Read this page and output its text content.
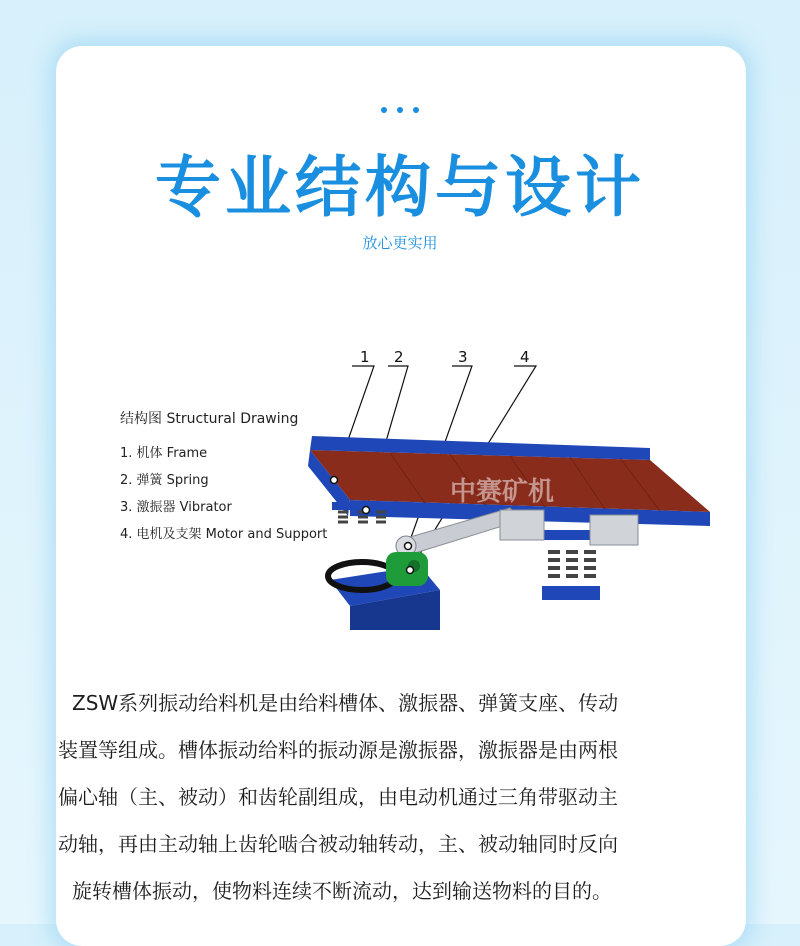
专业结构与设计
放心更实用
结构图 Structural Drawing
1. 机体 Frame
2. 弹簧 Spring
3. 激振器 Vibrator
4. 电机及支架 Motor and Support
1 2	3	4
中赛矿机

ZSW系列振动给料机是由给料槽体、激振器、弹簧支座、传动

装置等组成。槽体振动给料的振动源是激振器，激振器是由两根

偏心轴（主、被动）和齿轮副组成，由电动机通过三角带驱动主

动轴，再由主动轴上齿轮啮合被动轴转动，主、被动轴同时反向

旋转槽体振动，使物料连续不断流动，达到输送物料的目的。
